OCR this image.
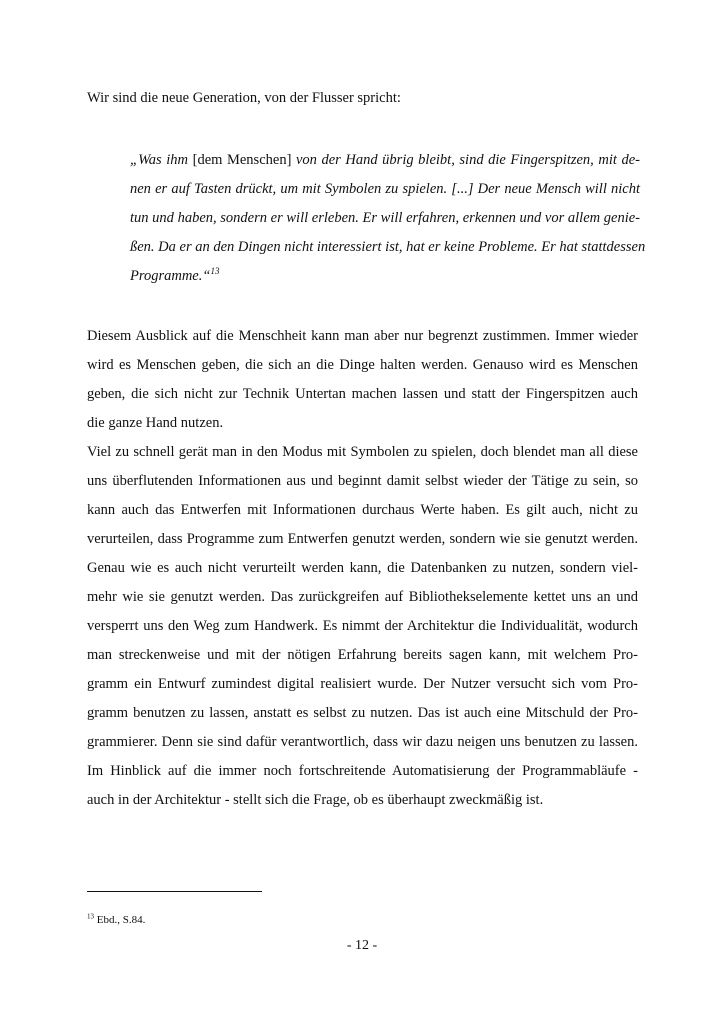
Wir sind die neue Generation, von der Flusser spricht:

„Was ihm [dem Menschen] von der Hand übrig bleibt, sind die Fingerspitzen, mit de-
nen er auf Tasten drückt, um mit Symbolen zu spielen. [...] Der neue Mensch will nicht
tun und haben, sondern er will erleben. Er will erfahren, erkennen und vor allem genie-
ßen. Da er an den Dingen nicht interessiert ist, hat er keine Probleme. Er hat stattdessen
Programme.“$^{13}$

Diesem Ausblick auf die Menschheit kann man aber nur begrenzt zustimmen. Immer wieder
wird es Menschen geben, die sich an die Dinge halten werden. Genauso wird es Menschen
geben, die sich nicht zur Technik Untertan machen lassen und statt der Fingerspitzen auch
die ganze Hand nutzen.
Viel zu schnell gerät man in den Modus mit Symbolen zu spielen, doch blendet man all diese
uns überflutenden Informationen aus und beginnt damit selbst wieder der Tätige zu sein, so
kann auch das Entwerfen mit Informationen durchaus Werte haben. Es gilt auch, nicht zu
verurteilen, dass Programme zum Entwerfen genutzt werden, sondern wie sie genutzt werden.
Genau wie es auch nicht verurteilt werden kann, die Datenbanken zu nutzen, sondern viel-
mehr wie sie genutzt werden. Das zurückgreifen auf Bibliothekselemente kettet uns an und
versperrt uns den Weg zum Handwerk. Es nimmt der Architektur die Individualität, wodurch
man streckenweise und mit der nötigen Erfahrung bereits sagen kann, mit welchem Pro-
gramm ein Entwurf zumindest digital realisiert wurde. Der Nutzer versucht sich vom Pro-
gramm benutzen zu lassen, anstatt es selbst zu nutzen. Das ist auch eine Mitschuld der Pro-
grammierer. Denn sie sind dafür verantwortlich, dass wir dazu neigen uns benutzen zu lassen.
Im Hinblick auf die immer noch fortschreitende Automatisierung der Programmabläufe -
auch in der Architektur - stellt sich die Frage, ob es überhaupt zweckmäßig ist.

$^{13}$ Ebd., S.84.

- 12 -
